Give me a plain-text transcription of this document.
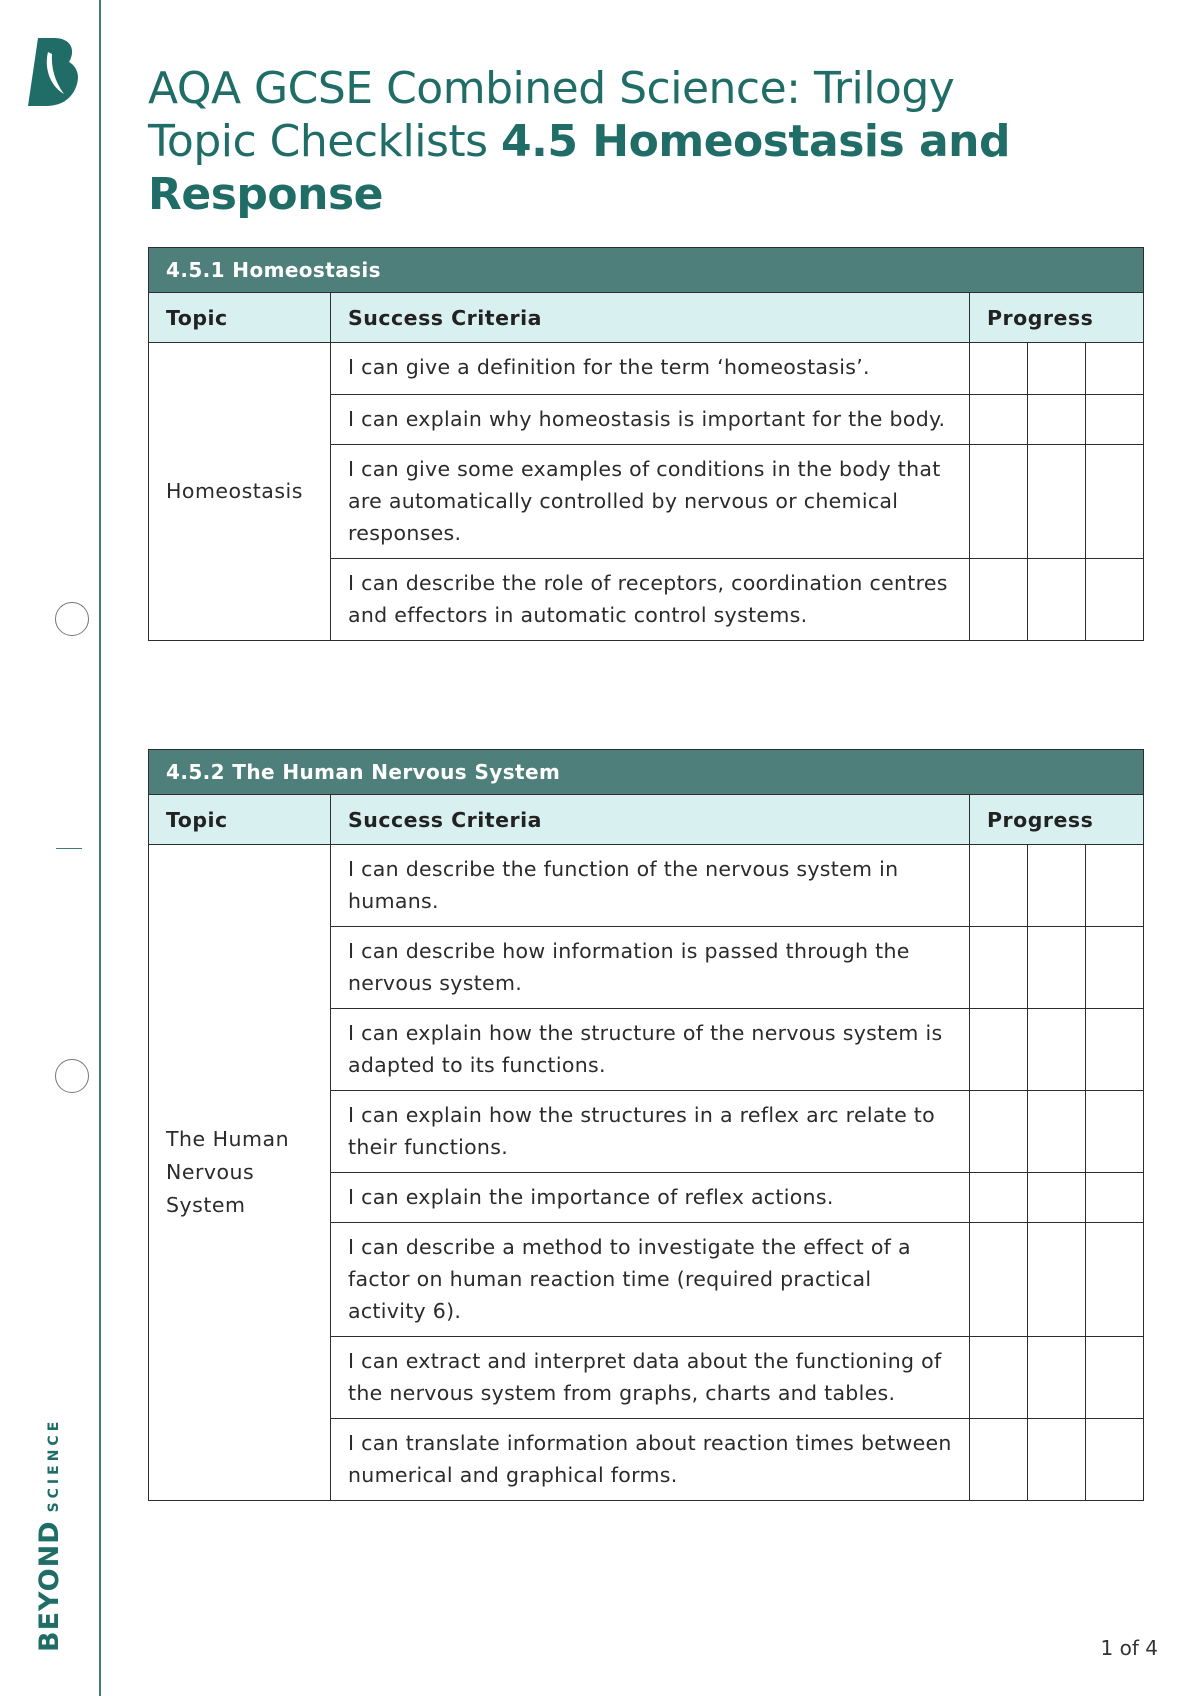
BEYONDSCIENCE
AQA GCSE Combined Science: Trilogy
Topic Checklists 4.5 Homeostasis and
Response
4.5.1 Homeostasis				
Topic	Success Criteria	Progress		
Homeostasis	I can give a definition for the term ‘homeostasis’.			
	I can explain why homeostasis is important for the body.			
	I can give some examples of conditions in the body that are automatically controlled by nervous or chemical responses.			
	I can describe the role of receptors, coordination centres and effectors in automatic control systems.			
4.5.2 The Human Nervous System				
Topic	Success Criteria	Progress		
The Human Nervous System	I can describe the function of the nervous system in humans.			
	I can describe how information is passed through the nervous system.			
	I can explain how the structure of the nervous system is adapted to its functions.			
	I can explain how the structures in a reflex arc relate to their functions.			
	I can explain the importance of reflex actions.			
	I can describe a method to investigate the effect of a factor on human reaction time (required practical activity 6).			
	I can extract and interpret data about the functioning of the nervous system from graphs, charts and tables.			
	I can translate information about reaction times between numerical and graphical forms.			
1 of 4
